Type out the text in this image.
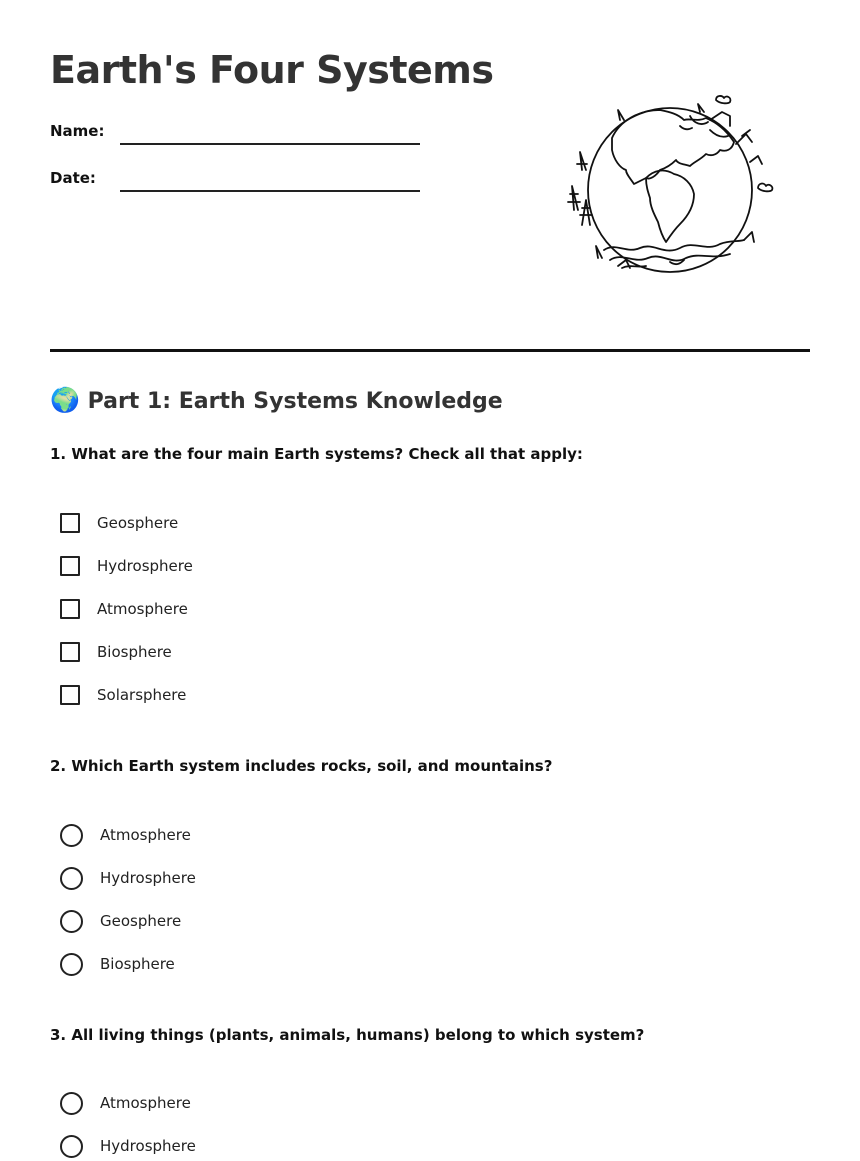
Earth's Four Systems
Name:
Date:
🌍 Part 1: Earth Systems Knowledge
1. What are the four main Earth systems? Check all that apply:
Geosphere
Hydrosphere
Atmosphere
Biosphere
Solarsphere
2. Which Earth system includes rocks, soil, and mountains?
Atmosphere
Hydrosphere
Geosphere
Biosphere
3. All living things (plants, animals, humans) belong to which system?
Atmosphere
Hydrosphere
